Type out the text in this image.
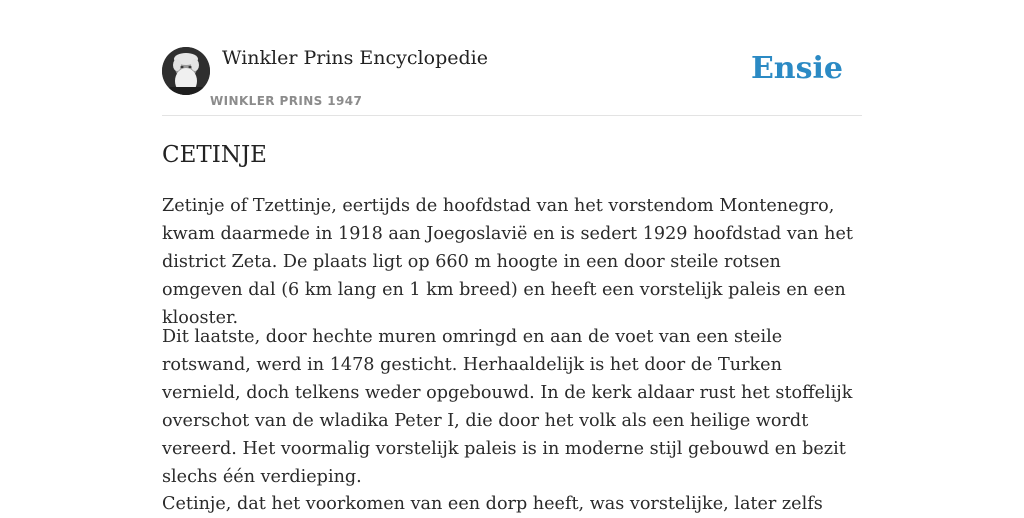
Winkler Prins Encyclopedie
WINKLER PRINS 1947
Ensie
CETINJE

Zetinje of Tzettinje, eertijds de hoofdstad van het vorstendom Montenegro, kwam daarmede in 1918 aan Joegoslavië en is sedert 1929 hoofdstad van het district Zeta. De plaats ligt op 660 m hoogte in een door steile rotsen omgeven dal (6 km lang en 1 km breed) en heeft een vorstelijk paleis en een klooster.

Dit laatste, door hechte muren omringd en aan de voet van een steile rotswand, werd in 1478 gesticht. Herhaaldelijk is het door de Turken vernield, doch telkens weder opgebouwd. In de kerk aldaar rust het stoffelijk overschot van de wladika Peter I, die door het volk als een heilige wordt vereerd. Het voormalig vorstelijk paleis is in moderne stijl gebouwd en bezit slechs één verdieping.

Cetinje, dat het voorkomen van een dorp heeft, was vorstelijke, later zelfs
